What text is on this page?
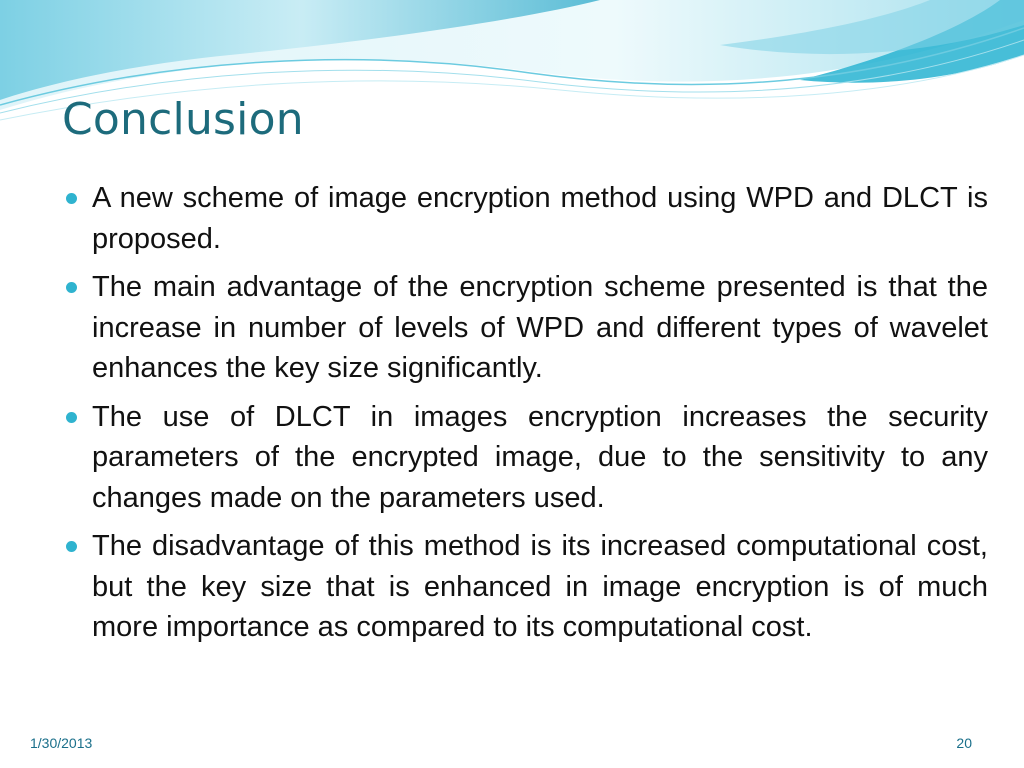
Conclusion
A new scheme of image encryption method using WPD and DLCT is proposed.
The main advantage of the encryption scheme presented is that the increase in number of levels of WPD and different types of wavelet enhances the key size significantly.
The use of DLCT in images encryption increases the security parameters of the encrypted image, due to the sensitivity to any changes made on the parameters used.
The disadvantage of this method is its increased computational cost, but the key size that is enhanced in image encryption is of much more importance as compared to its computational cost.
1/30/2013	20
